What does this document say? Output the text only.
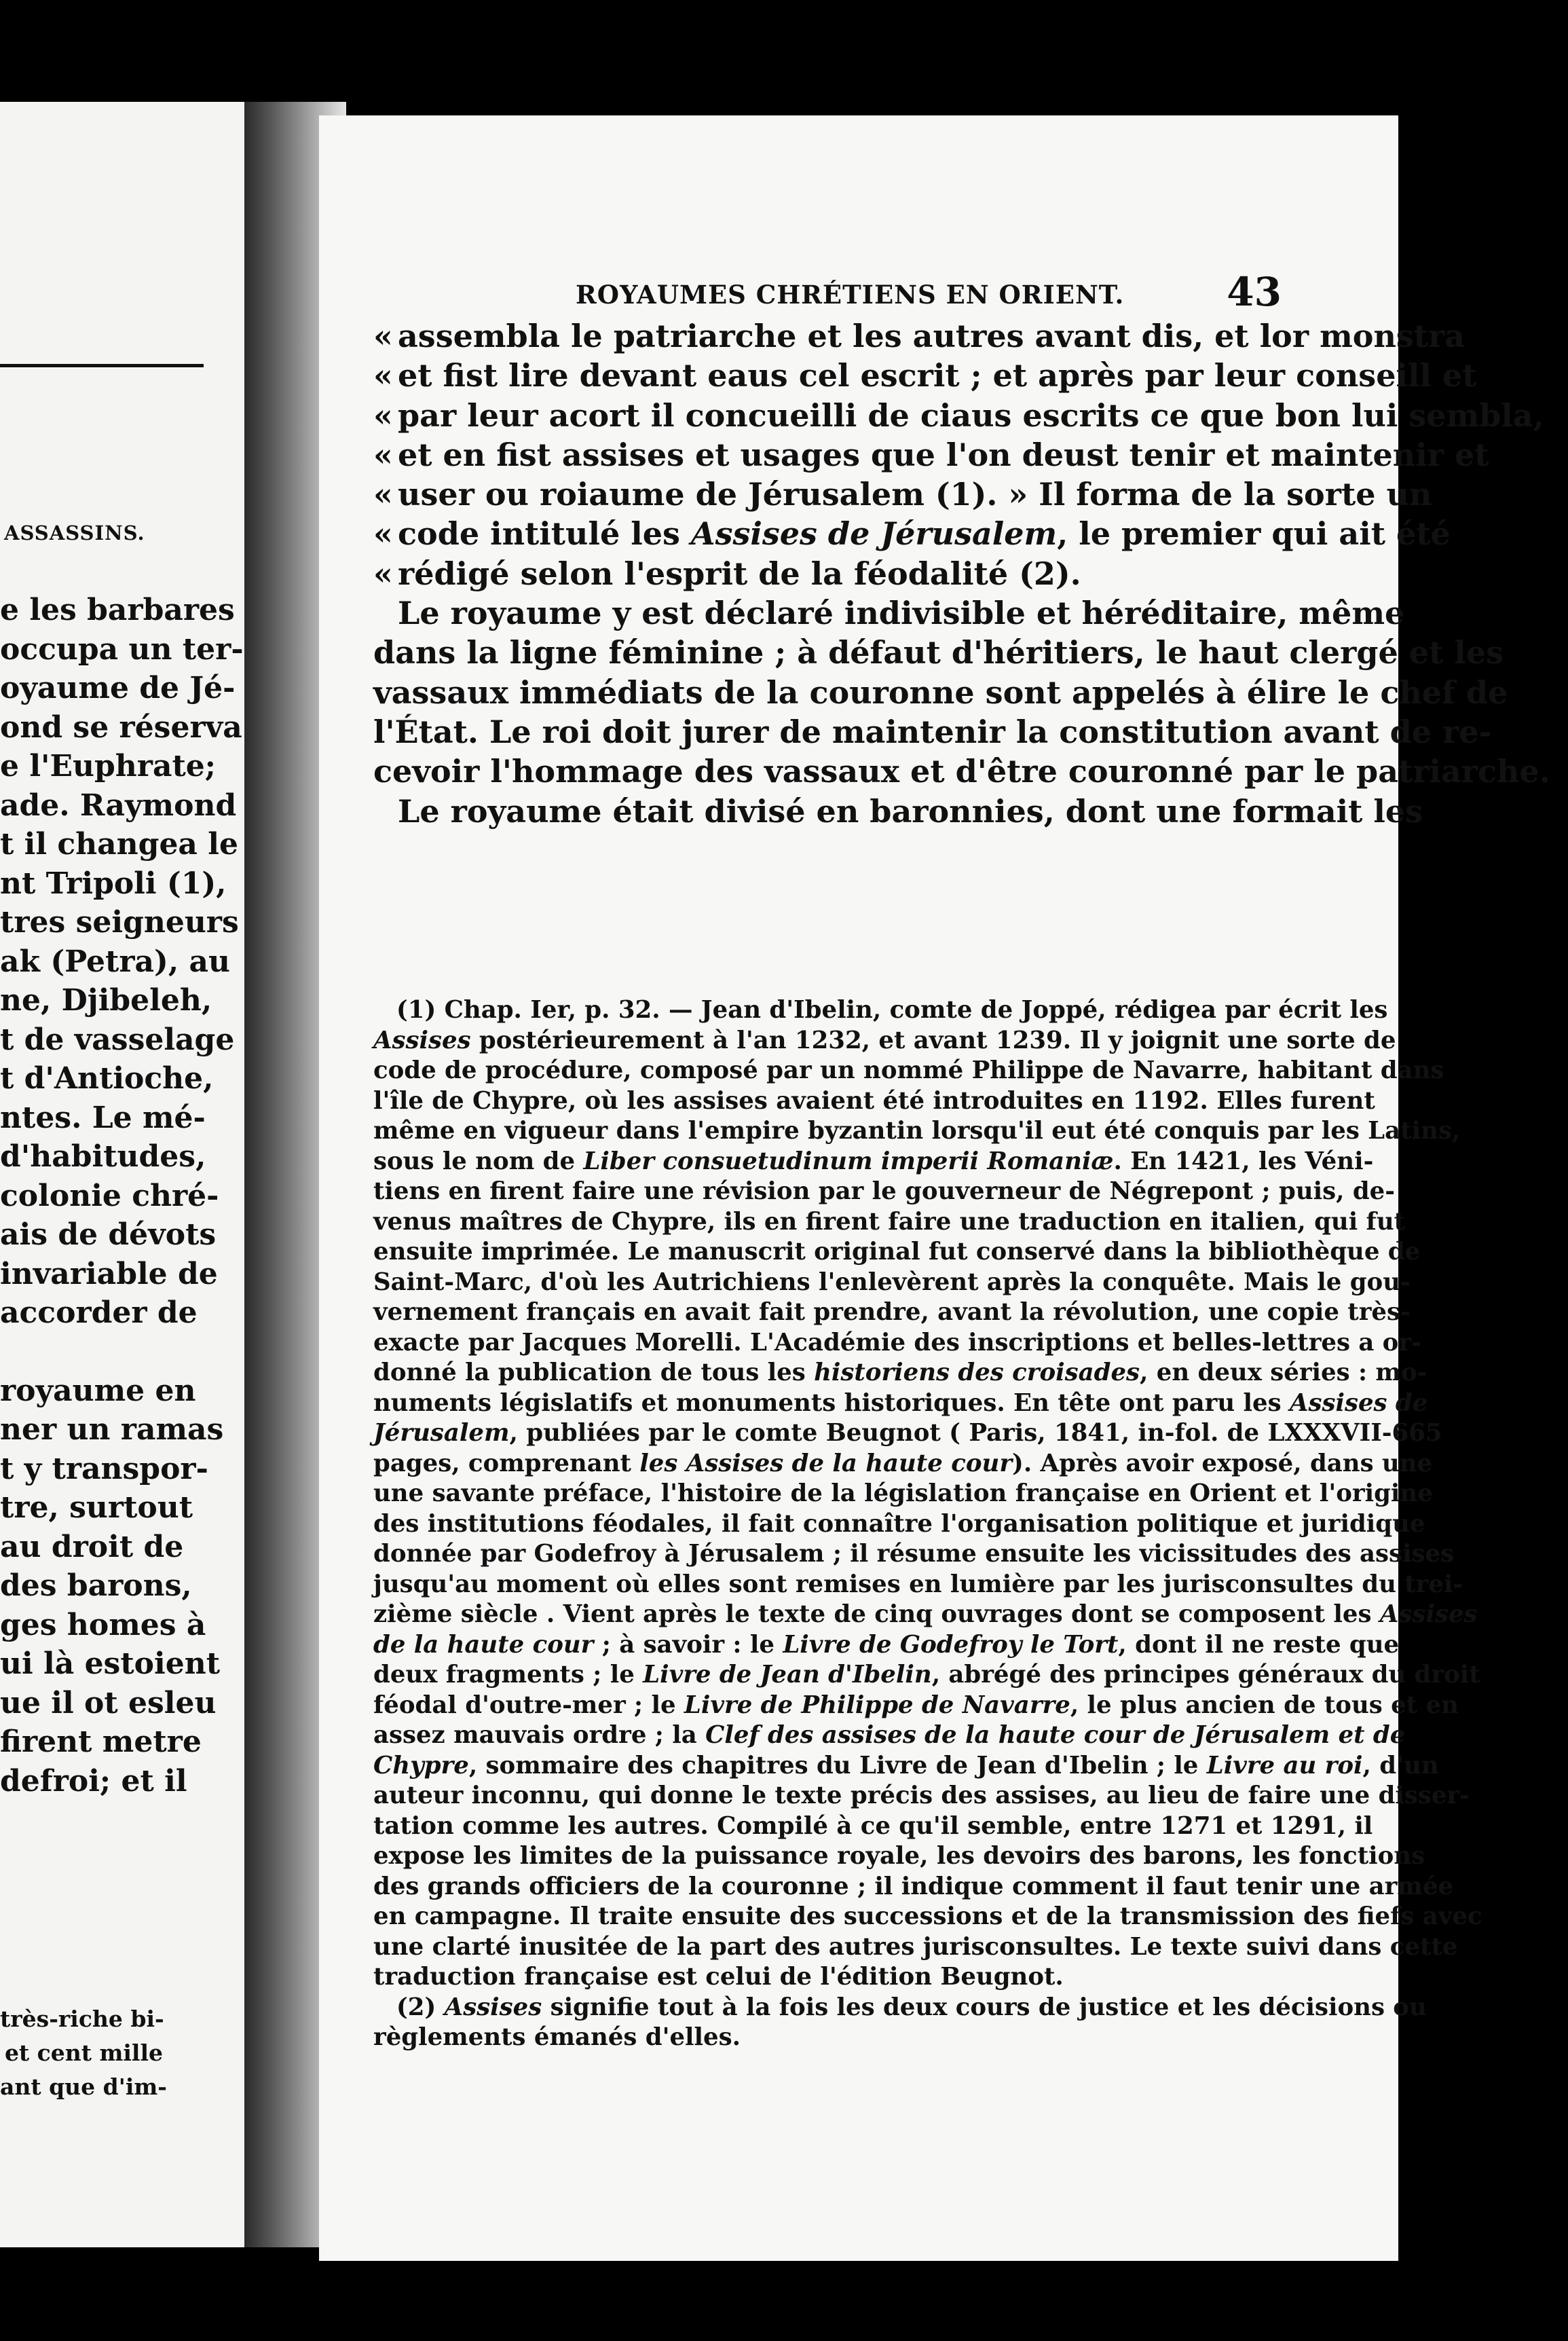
ASSASSINS.
e les barbares
occupa un ter-
oyaume de Jé-
ond se réserva
e l'Euphrate;
ade. Raymond
t il changea le
nt Tripoli (1),
tres seigneurs
ak (Petra), au
ne, Djibeleh,
t de vasselage
t d'Antioche,
ntes. Le mé-
d'habitudes,
colonie chré-
ais de dévots
invariable de
accorder de
royaume en
ner un ramas
t y transpor-
tre, surtout
au droit de
des barons,
ges homes à
ui là estoient
ue il ot esleu
firent metre
defroi; et il
très-riche bi-
et cent mille
ant que d'im-
ROYAUMES CHRÉTIENS EN ORIENT.	43
« assembla le patriarche et les autres avant dis, et lor monstra
« et fist lire devant eaus cel escrit ; et après par leur conseill et
« par leur acort il concueilli de ciaus escrits ce que bon lui sembla,
« et en fist assises et usages que l'on deust tenir et maintenir et
« user ou roiaume de Jérusalem (1). » Il forma de la sorte un
« code intitulé les Assises de Jérusalem, le premier qui ait été
« rédigé selon l'esprit de la féodalité (2).
Le royaume y est déclaré indivisible et héréditaire, même
dans la ligne féminine ; à défaut d'héritiers, le haut clergé et les
vassaux immédiats de la couronne sont appelés à élire le chef de
l'État. Le roi doit jurer de maintenir la constitution avant de re-
cevoir l'hommage des vassaux et d'être couronné par le patriarche.
Le royaume était divisé en baronnies, dont une formait les
(1) Chap. Ier, p. 32. — Jean d'Ibelin, comte de Joppé, rédigea par écrit les
Assises postérieurement à l'an 1232, et avant 1239. Il y joignit une sorte de
code de procédure, composé par un nommé Philippe de Navarre, habitant dans
l'île de Chypre, où les assises avaient été introduites en 1192. Elles furent
même en vigueur dans l'empire byzantin lorsqu'il eut été conquis par les Latins,
sous le nom de Liber consuetudinum imperii Romaniæ. En 1421, les Véni-
tiens en firent faire une révision par le gouverneur de Négrepont ; puis, de-
venus maîtres de Chypre, ils en firent faire une traduction en italien, qui fut
ensuite imprimée. Le manuscrit original fut conservé dans la bibliothèque de
Saint-Marc, d'où les Autrichiens l'enlevèrent après la conquête. Mais le gou-
vernement français en avait fait prendre, avant la révolution, une copie très-
exacte par Jacques Morelli. L'Académie des inscriptions et belles-lettres a or-
donné la publication de tous les historiens des croisades, en deux séries : mo-
numents législatifs et monuments historiques. En tête ont paru les Assises de
Jérusalem, publiées par le comte Beugnot ( Paris, 1841, in-fol. de LXXXVII-665
pages, comprenant les Assises de la haute cour). Après avoir exposé, dans une
une savante préface, l'histoire de la législation française en Orient et l'origine
des institutions féodales, il fait connaître l'organisation politique et juridique
donnée par Godefroy à Jérusalem ; il résume ensuite les vicissitudes des assises
jusqu'au moment où elles sont remises en lumière par les jurisconsultes du trei-
zième siècle . Vient après le texte de cinq ouvrages dont se composent les Assises
de la haute cour ; à savoir : le Livre de Godefroy le Tort, dont il ne reste que
deux fragments ; le Livre de Jean d'Ibelin, abrégé des principes généraux du droit
féodal d'outre-mer ; le Livre de Philippe de Navarre, le plus ancien de tous et en
assez mauvais ordre ; la Clef des assises de la haute cour de Jérusalem et de
Chypre, sommaire des chapitres du Livre de Jean d'Ibelin ; le Livre au roi, d'un
auteur inconnu, qui donne le texte précis des assises, au lieu de faire une disser-
tation comme les autres. Compilé à ce qu'il semble, entre 1271 et 1291, il
expose les limites de la puissance royale, les devoirs des barons, les fonctions
des grands officiers de la couronne ; il indique comment il faut tenir une armée
en campagne. Il traite ensuite des successions et de la transmission des fiefs avec
une clarté inusitée de la part des autres jurisconsultes. Le texte suivi dans cette
traduction française est celui de l'édition Beugnot.
(2) Assises signifie tout à la fois les deux cours de justice et les décisions ou
règlements émanés d'elles.
